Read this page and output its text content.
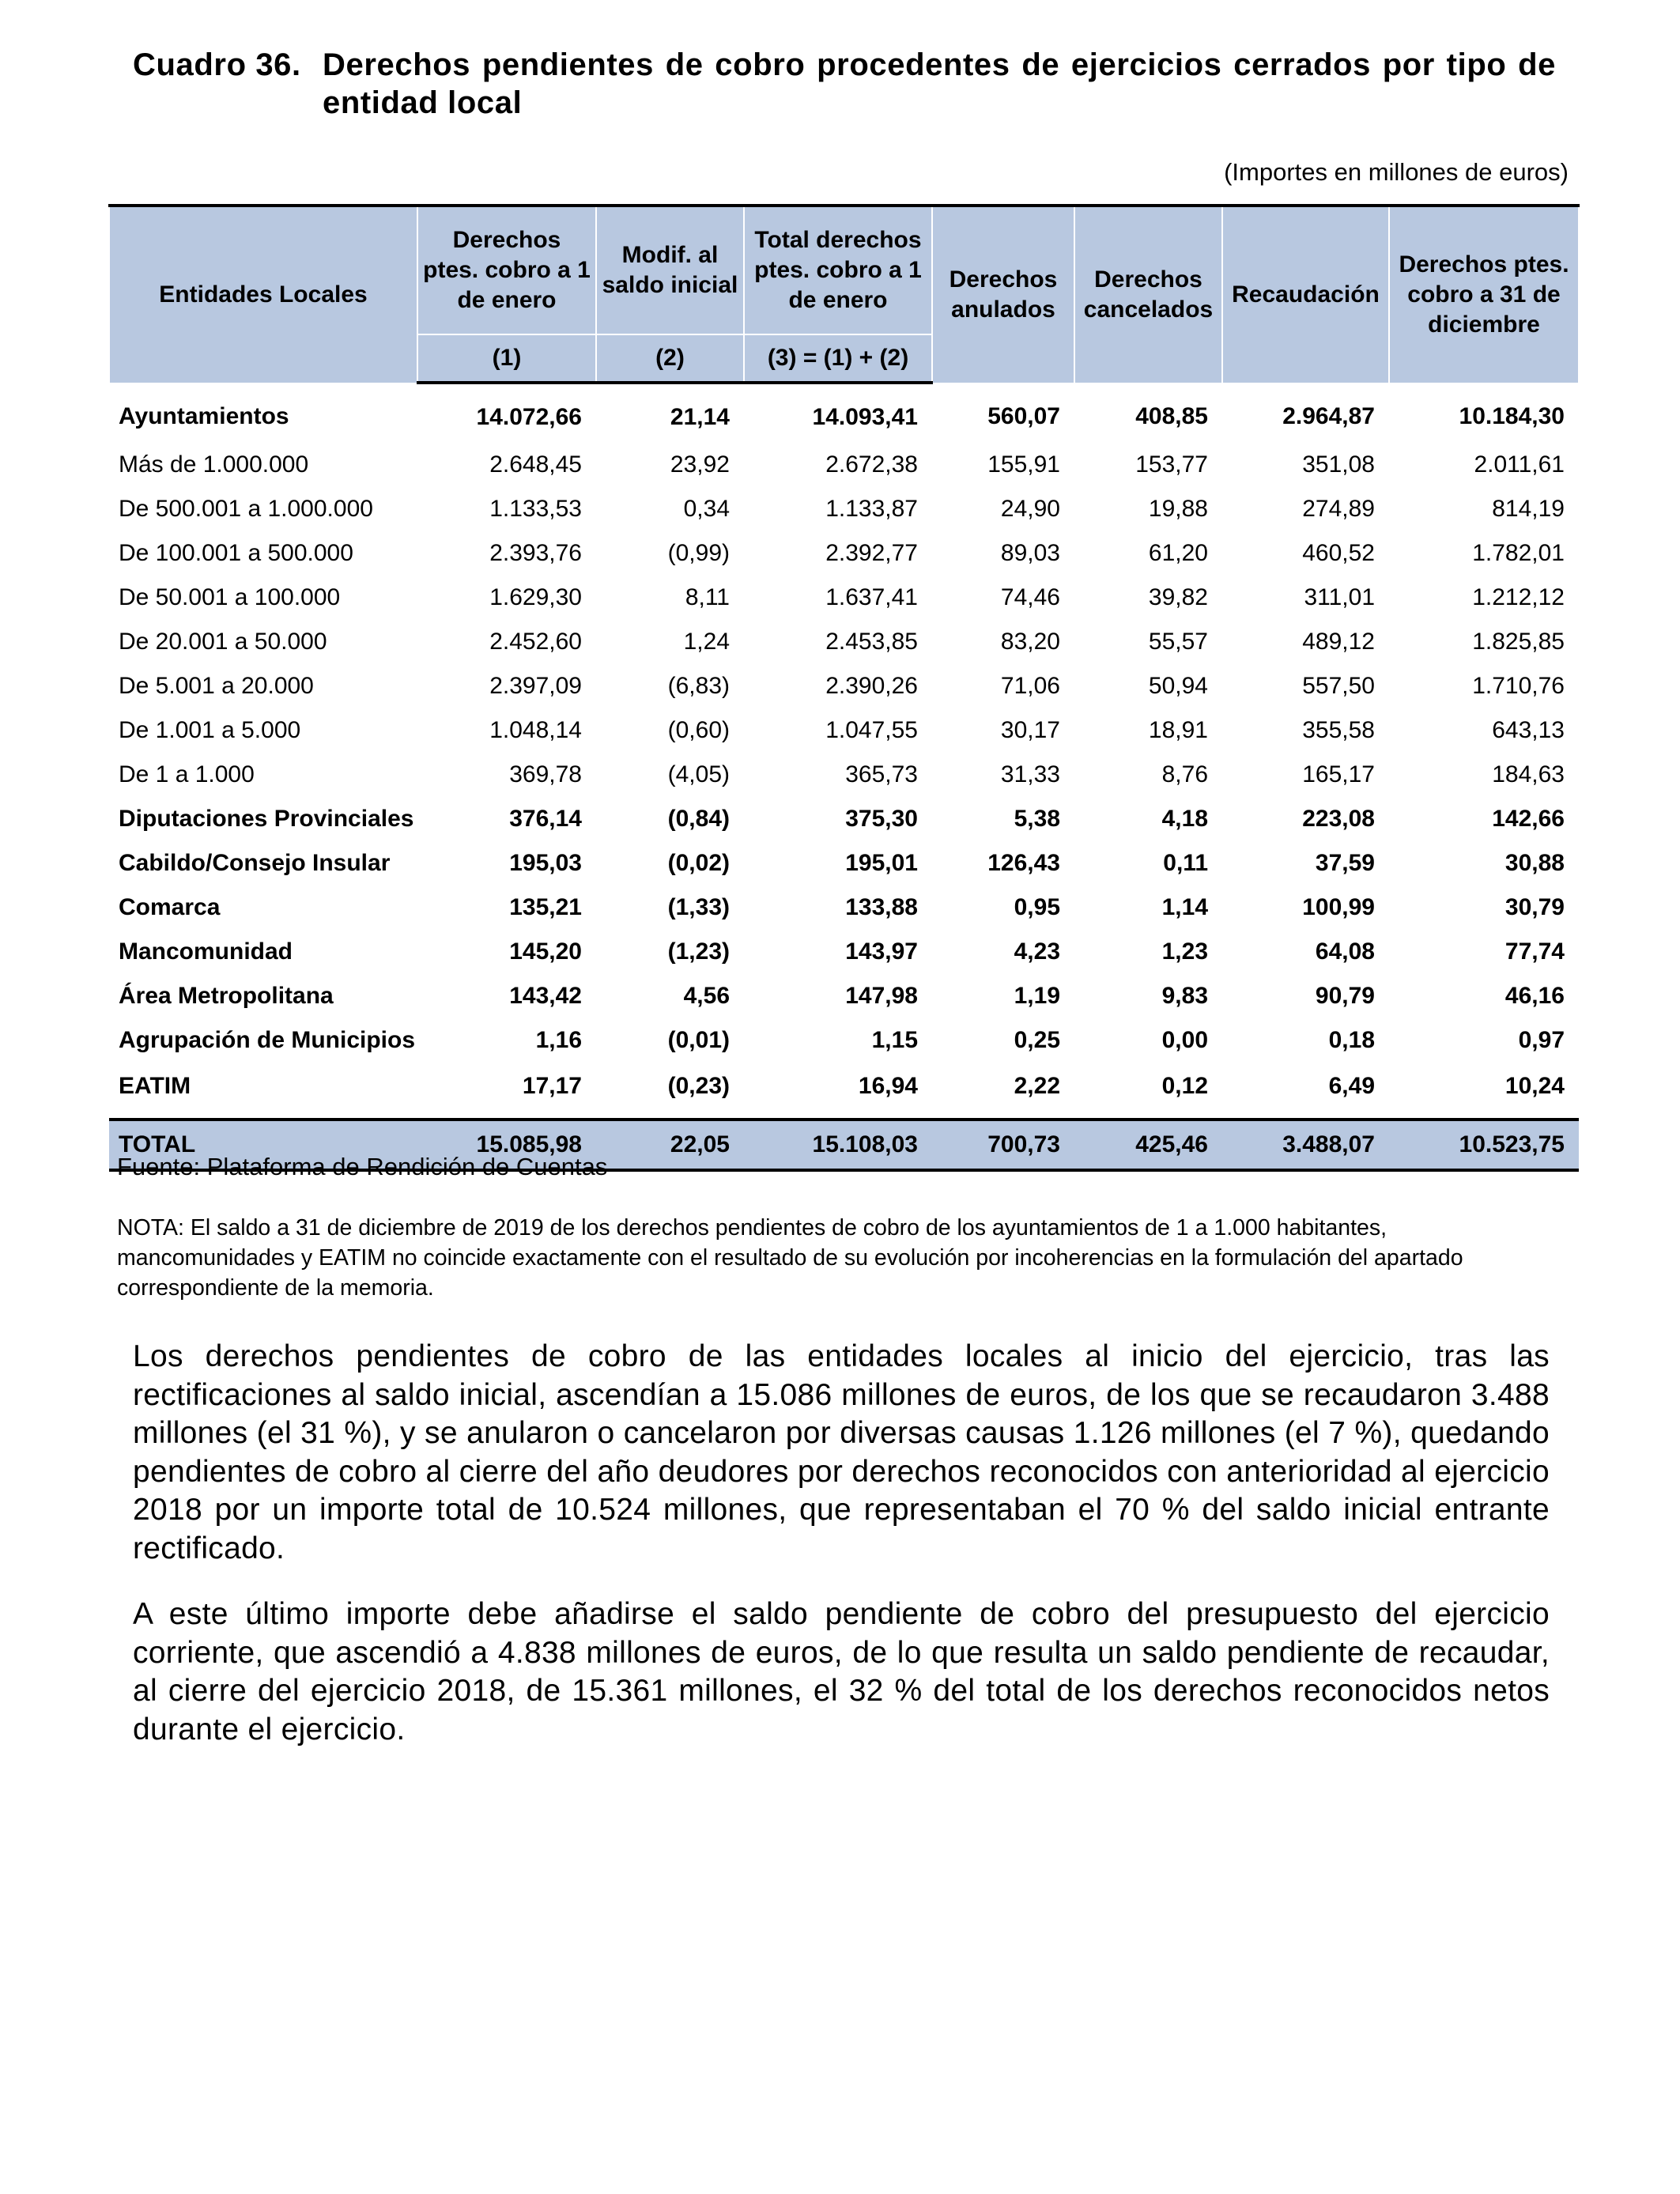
Cuadro 36. Derechos pendientes de cobro procedentes de ejercicios cerrados por tipo de entidad local
(Importes en millones de euros)
Entidades Locales	Derechos ptes. cobro a 1 de enero	Modif. al saldo inicial	Total derechos ptes. cobro a 1 de enero	Derechos anulados	Derechos cancelados	Recaudación	Derechos ptes. cobro a 31 de diciembre
	(1)	(2)	(3) = (1) + (2)				
Ayuntamientos	14.072,66	21,14	14.093,41	560,07	408,85	2.964,87	10.184,30
Más de 1.000.000	2.648,45	23,92	2.672,38	155,91	153,77	351,08	2.011,61
De 500.001 a 1.000.000	1.133,53	0,34	1.133,87	24,90	19,88	274,89	814,19
De 100.001 a 500.000	2.393,76	(0,99)	2.392,77	89,03	61,20	460,52	1.782,01
De 50.001 a 100.000	1.629,30	8,11	1.637,41	74,46	39,82	311,01	1.212,12
De 20.001 a 50.000	2.452,60	1,24	2.453,85	83,20	55,57	489,12	1.825,85
De 5.001 a 20.000	2.397,09	(6,83)	2.390,26	71,06	50,94	557,50	1.710,76
De 1.001 a 5.000	1.048,14	(0,60)	1.047,55	30,17	18,91	355,58	643,13
De 1 a 1.000	369,78	(4,05)	365,73	31,33	8,76	165,17	184,63
Diputaciones Provinciales	376,14	(0,84)	375,30	5,38	4,18	223,08	142,66
Cabildo/Consejo Insular	195,03	(0,02)	195,01	126,43	0,11	37,59	30,88
Comarca	135,21	(1,33)	133,88	0,95	1,14	100,99	30,79
Mancomunidad	145,20	(1,23)	143,97	4,23	1,23	64,08	77,74
Área Metropolitana	143,42	4,56	147,98	1,19	9,83	90,79	46,16
Agrupación de Municipios	1,16	(0,01)	1,15	0,25	0,00	0,18	0,97
EATIM	17,17	(0,23)	16,94	2,22	0,12	6,49	10,24
TOTAL	15.085,98	22,05	15.108,03	700,73	425,46	3.488,07	10.523,75
Fuente: Plataforma de Rendición de Cuentas
NOTA: El saldo a 31 de diciembre de 2019 de los derechos pendientes de cobro de los ayuntamientos de 1 a 1.000 habitantes, mancomunidades y EATIM no coincide exactamente con el resultado de su evolución por incoherencias en la formulación del apartado correspondiente de la memoria.
Los derechos pendientes de cobro de las entidades locales al inicio del ejercicio, tras las rectificaciones al saldo inicial, ascendían a 15.086 millones de euros, de los que se recaudaron 3.488 millones (el 31 %), y se anularon o cancelaron por diversas causas 1.126 millones (el 7 %), quedando pendientes de cobro al cierre del año deudores por derechos reconocidos con anterioridad al ejercicio 2018 por un importe total de 10.524 millones, que representaban el 70 % del saldo inicial entrante rectificado.
A este último importe debe añadirse el saldo pendiente de cobro del presupuesto del ejercicio corriente, que ascendió a 4.838 millones de euros, de lo que resulta un saldo pendiente de recaudar, al cierre del ejercicio 2018, de 15.361 millones, el 32 % del total de los derechos reconocidos netos durante el ejercicio.
